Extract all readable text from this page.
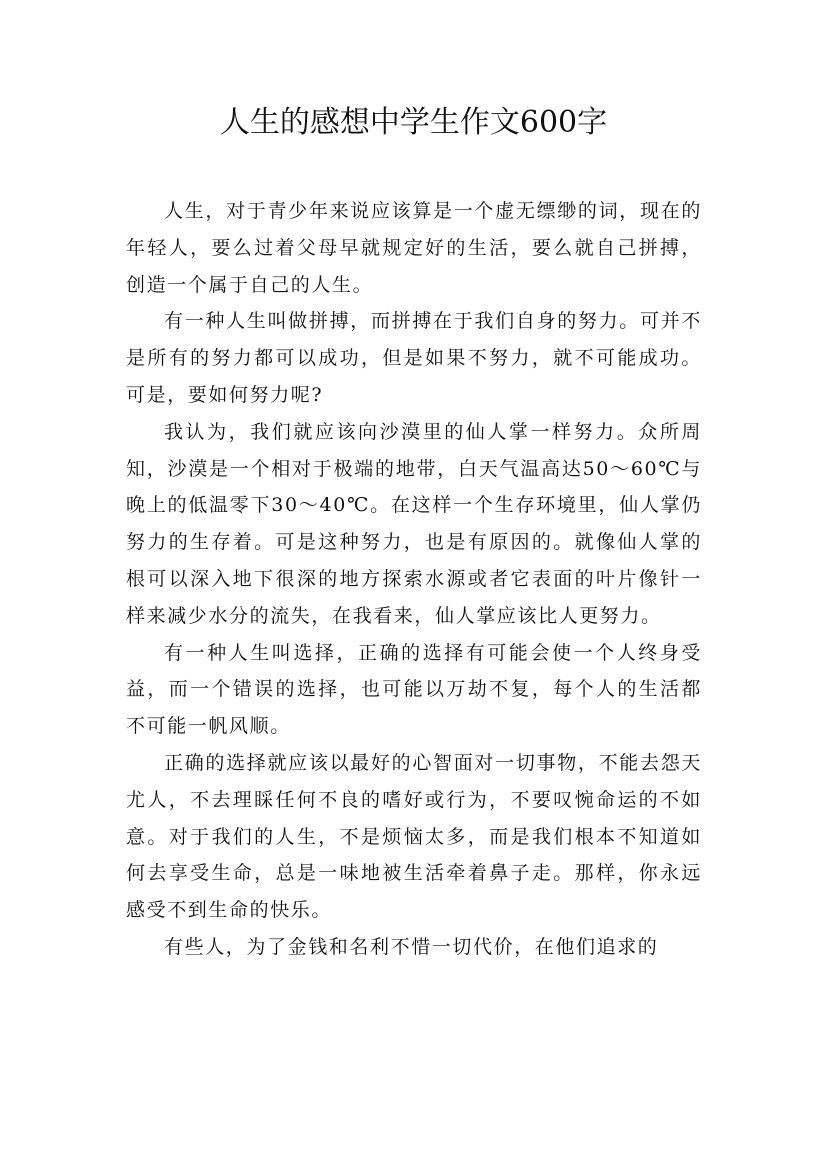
人生的感想中学生作文600字

人生，对于青少年来说应该算是一个虚无缥缈的词，现在的年轻人，要么过着父母早就规定好的生活，要么就自己拼搏，创造一个属于自己的人生。

有一种人生叫做拼搏，而拼搏在于我们自身的努力。可并不是所有的努力都可以成功，但是如果不努力，就不可能成功。可是，要如何努力呢?

我认为，我们就应该向沙漠里的仙人掌一样努力。众所周知，沙漠是一个相对于极端的地带，白天气温高达50～60℃与晚上的低温零下30～40℃。在这样一个生存环境里，仙人掌仍努力的生存着。可是这种努力，也是有原因的。就像仙人掌的根可以深入地下很深的地方探索水源或者它表面的叶片像针一样来减少水分的流失，在我看来，仙人掌应该比人更努力。

有一种人生叫选择，正确的选择有可能会使一个人终身受益，而一个错误的选择，也可能以万劫不复，每个人的生活都不可能一帆风顺。

正确的选择就应该以最好的心智面对一切事物，不能去怨天尤人，不去理睬任何不良的嗜好或行为，不要叹惋命运的不如意。对于我们的人生，不是烦恼太多，而是我们根本不知道如何去享受生命，总是一味地被生活牵着鼻子走。那样，你永远感受不到生命的快乐。

有些人，为了金钱和名利不惜一切代价，在他们追求的
